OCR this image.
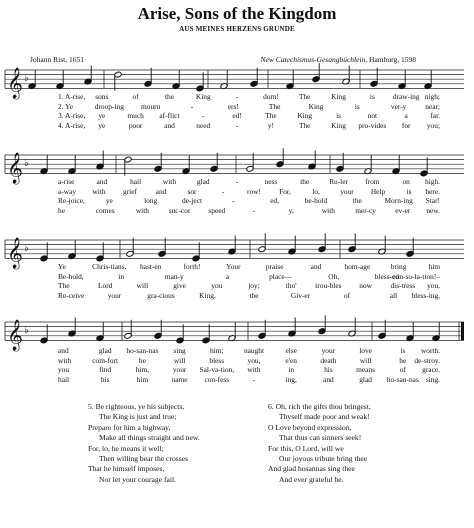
Arise, Sons of the Kingdom
AUS MEINES HERZENS GRUNDE
Johann Rist, 1651	New Catechismus-Gesangbüchlein, Hamburg, 1598
𝄞 ♭
𝄞 ♭
𝄞 ♭
𝄞 ♭
1. A-rise, sons	of	the	King	-	dom!	The	King	is draw-ing nigh;
2. Ye	droop-ing mourn	-	ers!	The	King	is	ver-y	near;
3. A-rise, ye	much af-flict	-	ed!	The	King	is	not	a	far.
4. A-rise, ye	poor	and	need	-	y!	The	King pro-vides for you;
a-rise	and	hail	with	glad	-	ness	the	Ru-ler from	on high.
a-way with grief	and	sor	-	row! For,	lo,	your Help	is here.
Re-joice,	ye	long	de-ject	-	ed,	be-hold	the	Morn-ing Star!
he	comes	with	suc-cor speed	-	y,	with	mer-cy	ev-er new.
Ye	Chris-tians, hast-en	forth!	Your	praise	and	hom-age	bring	him
Be-hold,	in	man-y	a	place—	Oh,	bless-ed
con-so-la-tion!–
The	Lord	will	give	you	joy;	tho'	trou-bles now	dis-tress you,
Re-ceive	your	gra-cious	King,	the	Giv-er	of	all bless-ing,
and	glad ho-san-nas sing	him;	naught	else	your	love	is worth.
with	com-fort	he	will	bless	you,	e'en	death	will	he de-stroy.
you	find	him,	your Sal-va-tion, with	in	his	means	of grace.
hail	his	him	name con-fess	-	ing,	and	glad ho-san-nas sing.
5. Be righteous, ye his subjects,
The King is just and true;
Prepare for him a highway,
Make all things straight and new.
For, lo, he means it well;
Then willing bear the crosses
That he himself imposes,
Nor let your courage fail.
6. Oh, rich the gifts thou bringest,
Thyself made poor and weak!
O Love beyond expression,
That thus can sinners seek!
For this, O Lord, will we
Our joyous tribute bring thee
And glad hosannas sing thee
And ever grateful be.
